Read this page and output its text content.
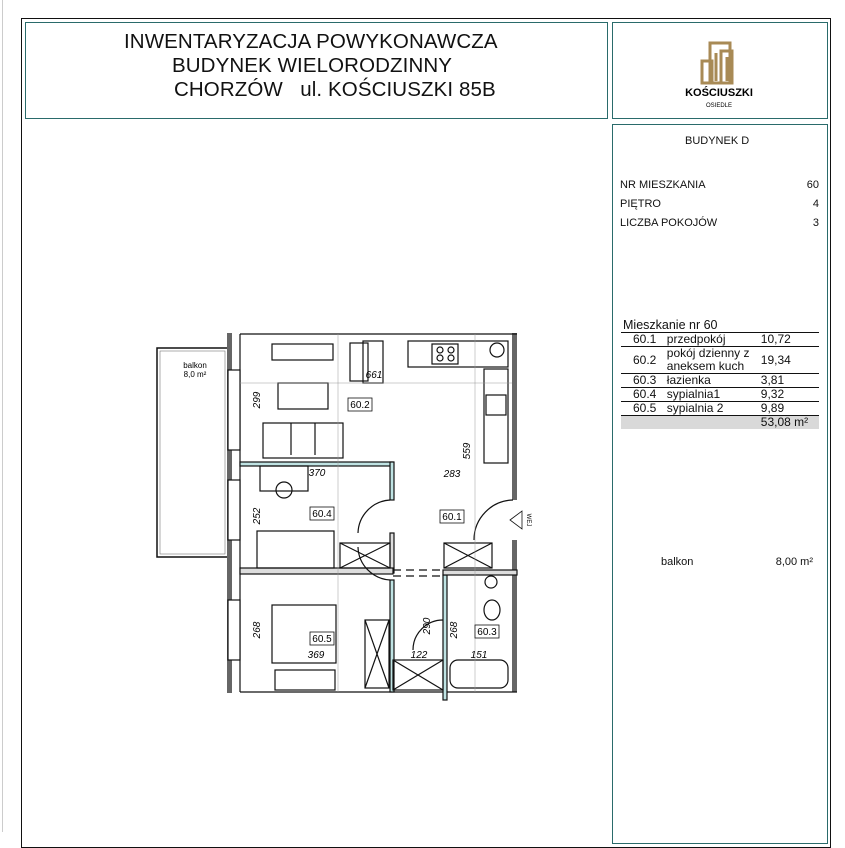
INWENTARYZACJA POWYKONAWCZA
BUDYNEK WIELORODZINNY
CHORZÓW   ul. KOŚCIUSZKI 85B	KOŚCIUSZKI
OSIEDLE
BUDYNEK D
NR MIESZKANIA	60
PIĘTRO	4
LICZBA POKOJÓW	3
Mieszkanie nr 60		
60.1	przedpokój	10,72
60.2	pokój dzienny z aneksem kuch	19,34
60.3	łazienka	3,81
60.4	sypialnia1	9,32
60.5	sypialnia 2	9,89
		53,08 m²
balkon	8,00 m²
balkon
8,0 m²
WEJ
60.2
60.4	60.1
60.5
60.3
661
299
370	283
559
252
268
369
290 268
122	151
